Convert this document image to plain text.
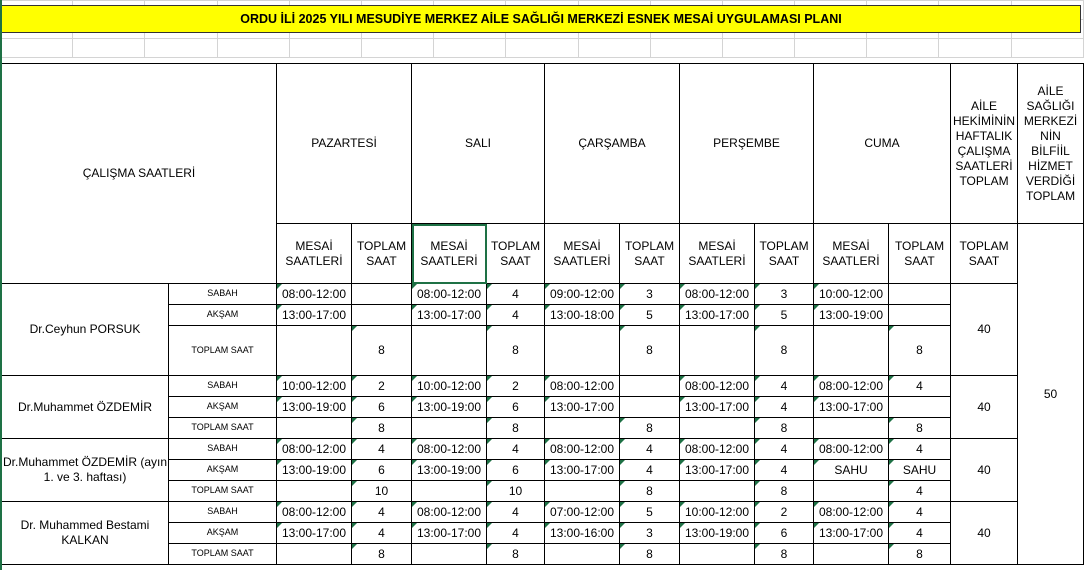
ORDU İLİ 2025 YILI MESUDİYE MERKEZ AİLE SAĞLIĞI MERKEZİ ESNEK MESAİ UYGULAMASI PLANI
ÇALIŞMA SAATLERİ		PAZARTESİ		SALI		ÇARŞAMBA		PERŞEMBE		CUMA		AİLE HEKİMİNİN HAFTALIK ÇALIŞMA SAATLERİ TOPLAM	AİLE SAĞLIĞI MERKEZİ NİN BİLFİİL HİZMET VERDİĞİ TOPLAM
		MESAİ SAATLERİ	TOPLAM SAAT	MESAİ SAATLERİ	TOPLAM SAAT	MESAİ SAATLERİ	TOPLAM SAAT	MESAİ SAATLERİ	TOPLAM SAAT	MESAİ SAATLERİ	TOPLAM SAAT	TOPLAM SAAT	50
Dr.Ceyhun PORSUK	SABAH	08:00-12:00		08:00-12:00	4	09:00-12:00	3	08:00-12:00	3	10:00-12:00		40	
	AKŞAM	13:00-17:00		13:00-17:00	4	13:00-18:00	5	13:00-17:00	5	13:00-19:00			
	TOPLAM SAAT		8		8		8		8		8		
Dr.Muhammet ÖZDEMİR	SABAH	10:00-12:00	2	10:00-12:00	2	08:00-12:00		08:00-12:00	4	08:00-12:00	4	40	
	AKŞAM	13:00-19:00	6	13:00-19:00	6	13:00-17:00		13:00-17:00	4	13:00-17:00			
	TOPLAM SAAT		8		8		8		8		8		
Dr.Muhammet ÖZDEMİR (ayın 1. ve 3. haftası)	SABAH	08:00-12:00	4	08:00-12:00	4	08:00-12:00	4	08:00-12:00	4	08:00-12:00	4	40	
	AKŞAM	13:00-19:00	6	13:00-19:00	6	13:00-17:00	4	13:00-17:00	4	SAHU	SAHU		
	TOPLAM SAAT		10		10		8		8		4		
Dr. Muhammed Bestami KALKAN	SABAH	08:00-12:00	4	08:00-12:00	4	07:00-12:00	5	10:00-12:00	2	08:00-12:00	4	40	
	AKŞAM	13:00-17:00	4	13:00-17:00	4	13:00-16:00	3	13:00-19:00	6	13:00-17:00	4		
	TOPLAM SAAT		8		8		8		8		8		
